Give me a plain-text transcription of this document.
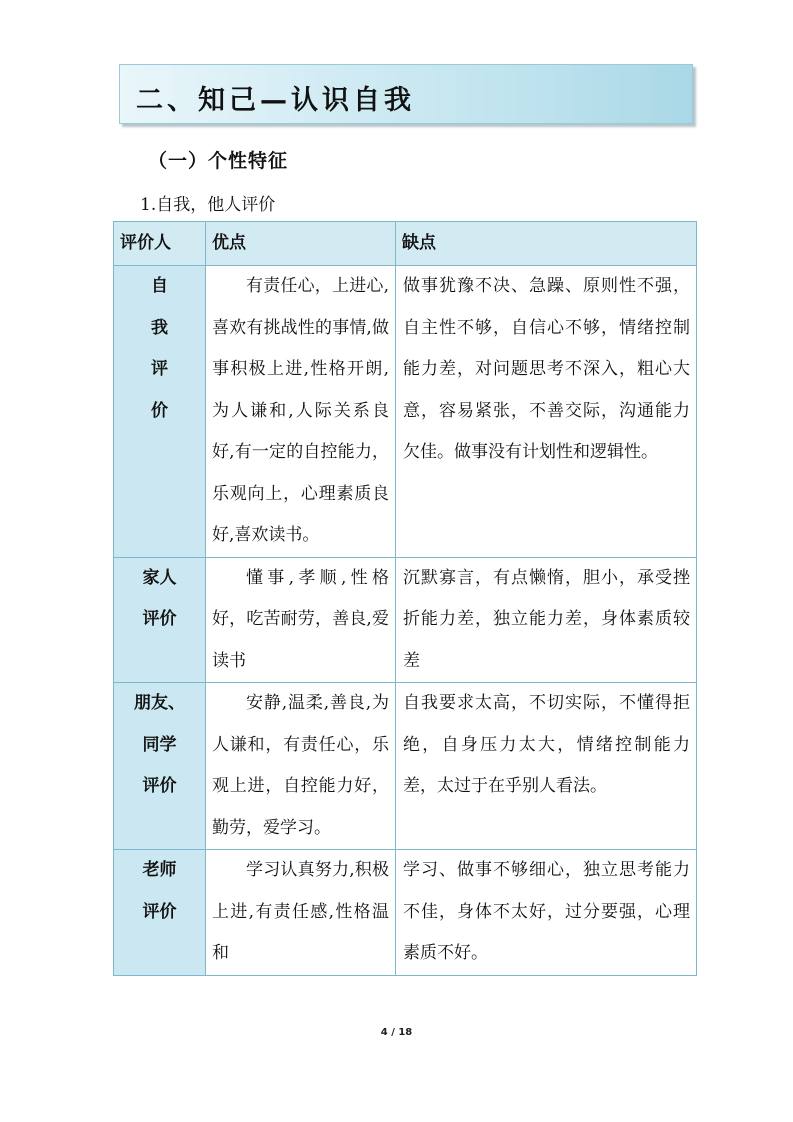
二、知己—认识自我
（一）个性特征
1.自我，他人评价
评价人	优点	缺点

自
我
评
价	有责任心，上进心,喜欢有挑战性的事情,做事积极上进,性格开朗,为人谦和,人际关系良好,有一定的自控能力，乐观向上，心理素质良好,喜欢读书。	做事犹豫不决、急躁、原则性不强，自主性不够，自信心不够，情绪控制能力差，对问题思考不深入，粗心大意，容易紧张，不善交际，沟通能力欠佳。做事没有计划性和逻辑性。

家人
评价	懂事,孝顺,性格好，吃苦耐劳，善良,爱读书	沉默寡言，有点懒惰，胆小，承受挫折能力差，独立能力差，身体素质较差

朋友、
同学
评价	安静,温柔,善良,为人谦和，有责任心，乐观上进，自控能力好，勤劳，爱学习。	自我要求太高，不切实际，不懂得拒绝，自身压力太大，情绪控制能力差，太过于在乎别人看法。

老师
评价	学习认真努力,积极上进,有责任感,性格温和	学习、做事不够细心，独立思考能力不佳，身体不太好，过分要强，心理素质不好。
4 / 18
